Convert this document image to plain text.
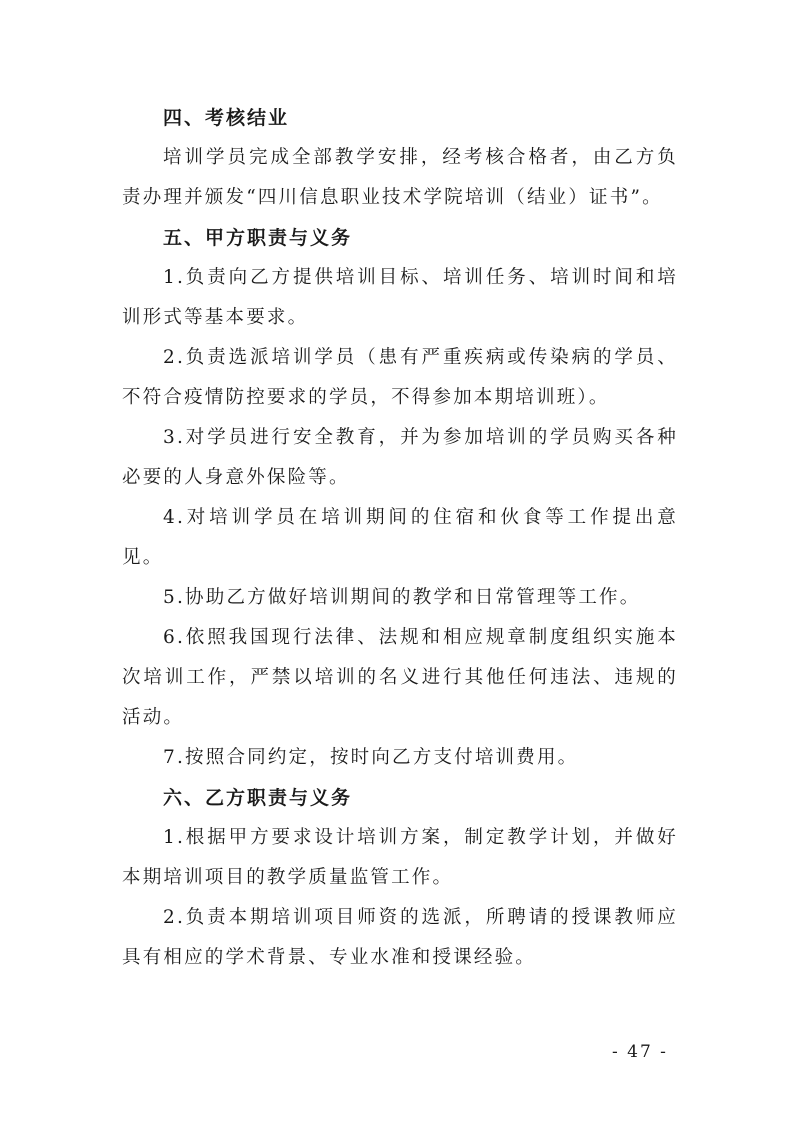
四、考核结业

培训学员完成全部教学安排，经考核合格者，由乙方负责办理并颁发“四川信息职业技术学院培训（结业）证书”。

五、甲方职责与义务

1.负责向乙方提供培训目标、培训任务、培训时间和培训形式等基本要求。

2.负责选派培训学员（患有严重疾病或传染病的学员、不符合疫情防控要求的学员，不得参加本期培训班）。

3.对学员进行安全教育，并为参加培训的学员购买各种必要的人身意外保险等。

4.对培训学员在培训期间的住宿和伙食等工作提出意见。

5.协助乙方做好培训期间的教学和日常管理等工作。

6.依照我国现行法律、法规和相应规章制度组织实施本次培训工作，严禁以培训的名义进行其他任何违法、违规的活动。

7.按照合同约定，按时向乙方支付培训费用。

六、乙方职责与义务

1.根据甲方要求设计培训方案，制定教学计划，并做好本期培训项目的教学质量监管工作。

2.负责本期培训项目师资的选派，所聘请的授课教师应具有相应的学术背景、专业水准和授课经验。

- 47 -
